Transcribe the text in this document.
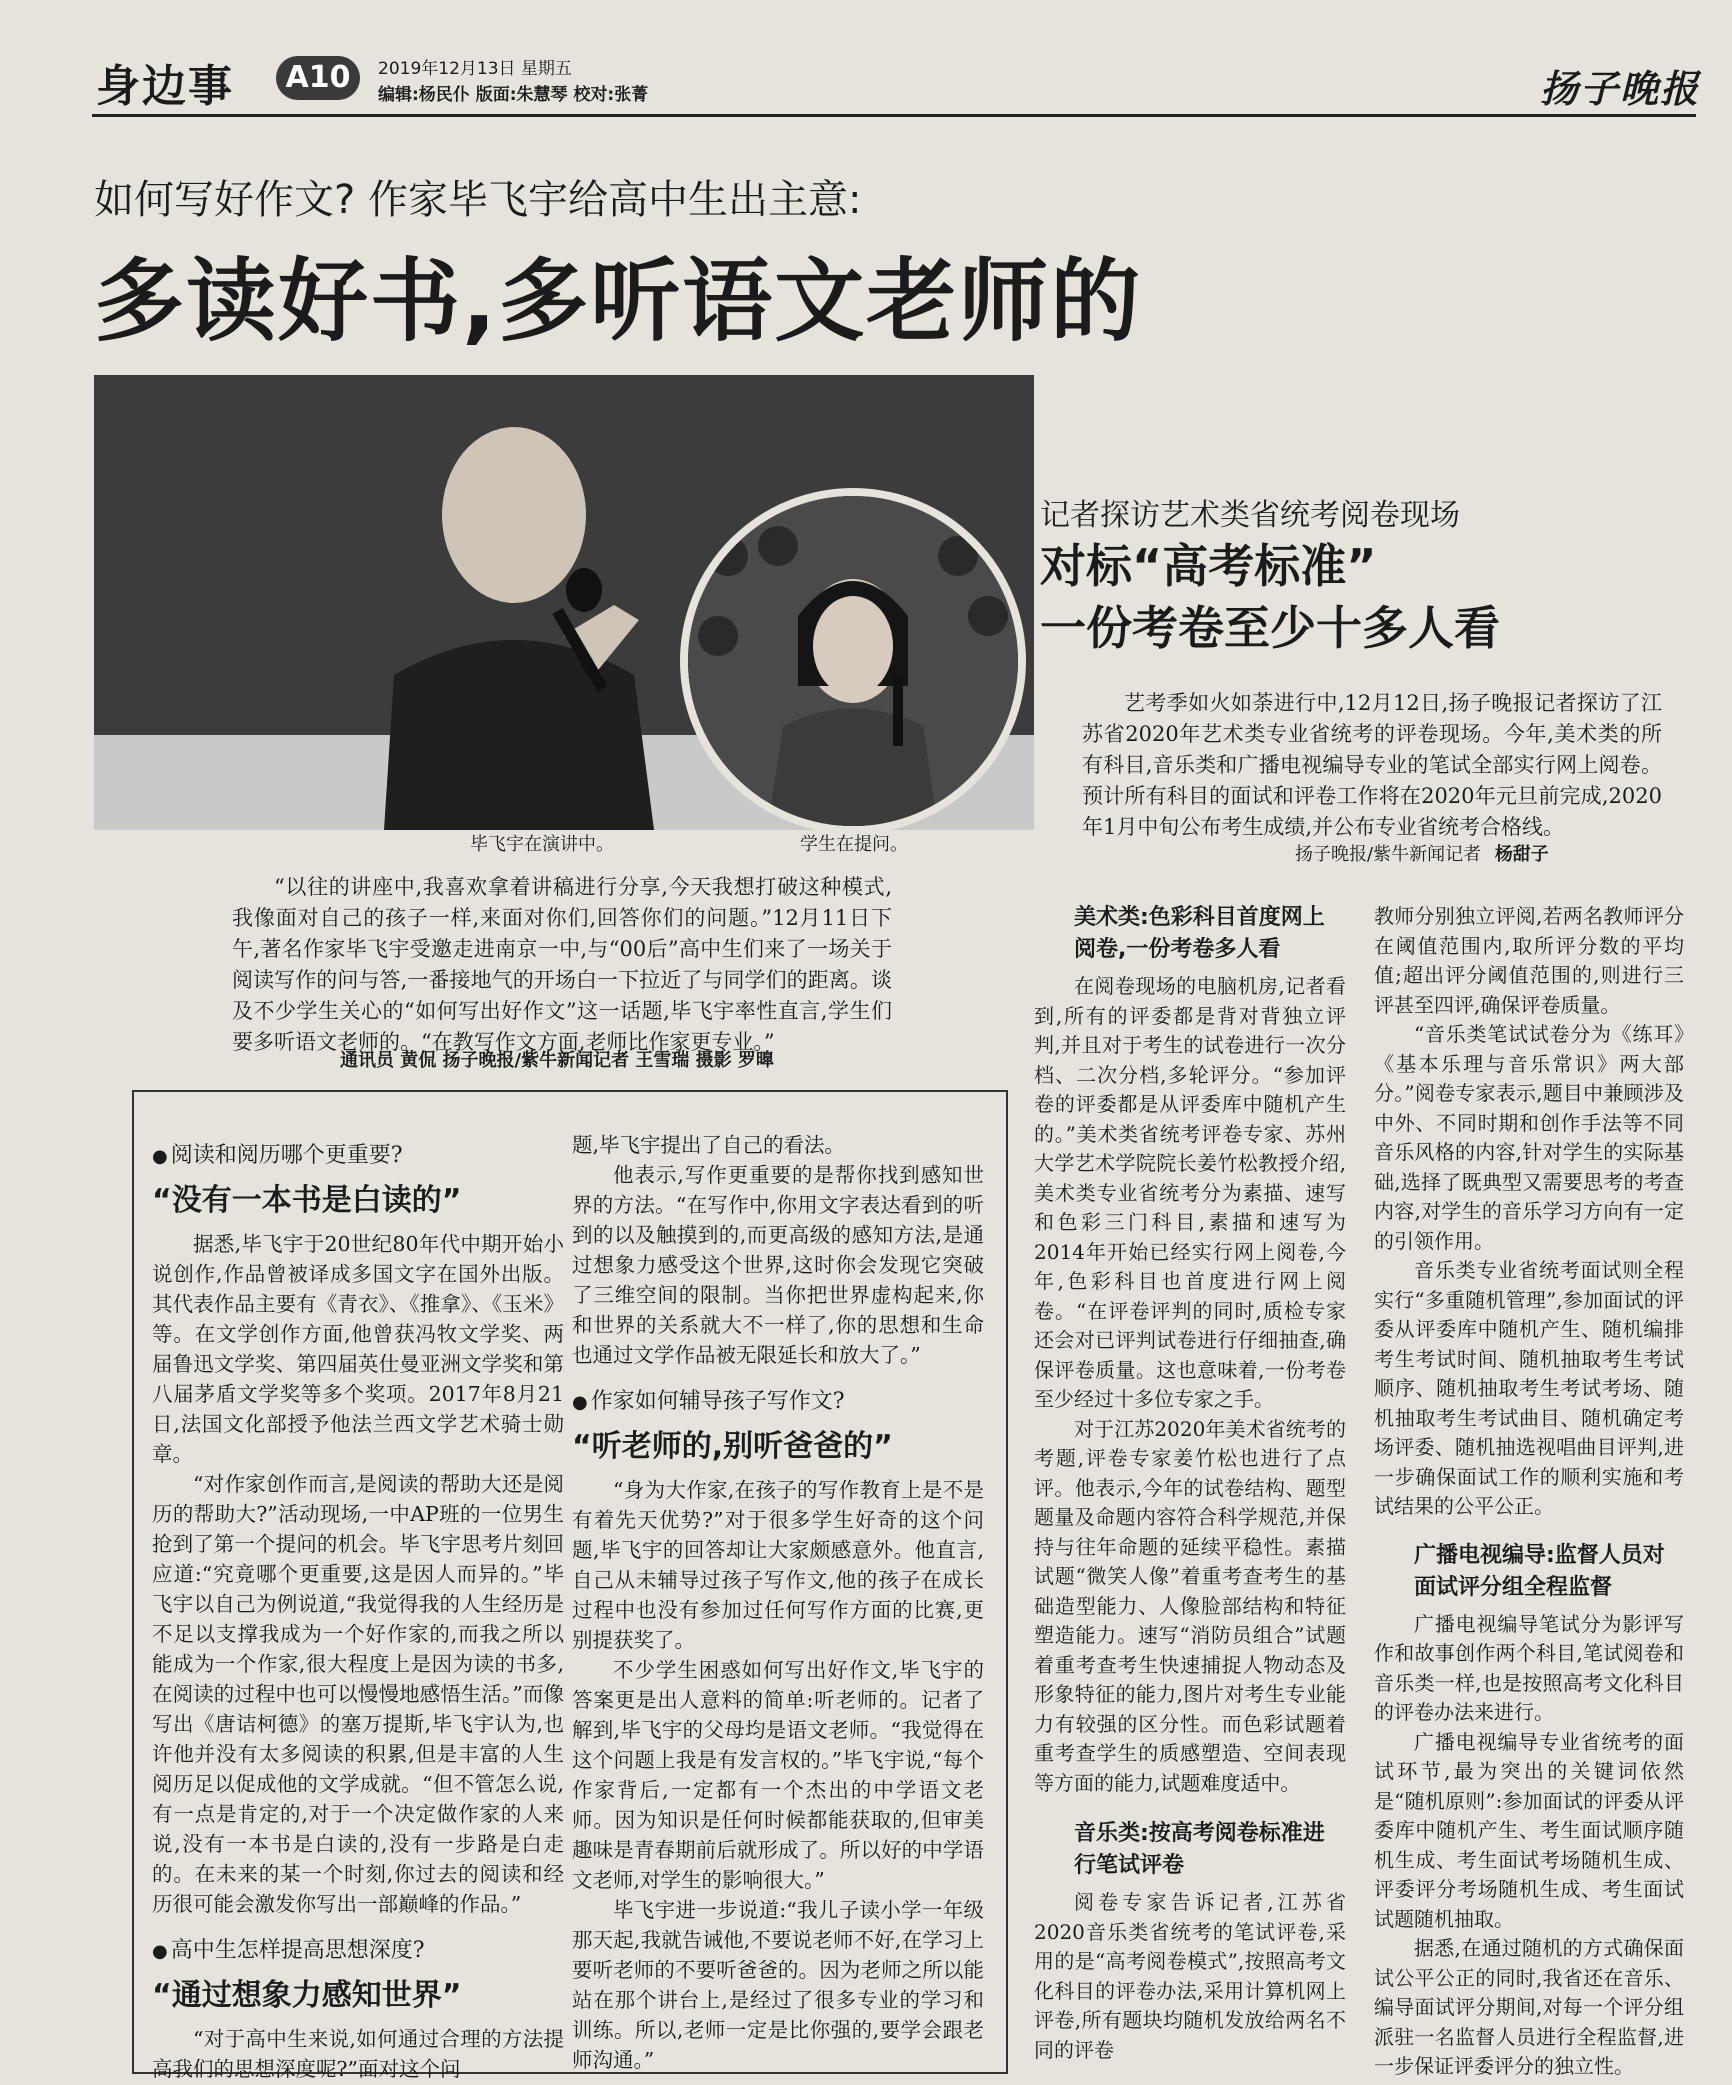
身边事	A10	2019年12月13日 星期五
编辑:杨民仆 版面:朱慧琴 校对:张菁	扬子晚报
如何写好作文? 作家毕飞宇给高中生出主意:
多读好书,多听语文老师的
毕飞宇在演讲中。	学生在提问。

“以往的讲座中,我喜欢拿着讲稿进行分享,今天我想打破这种模式,我像面对自己的孩子一样,来面对你们,回答你们的问题。”12月11日下午,著名作家毕飞宇受邀走进南京一中,与“00后”高中生们来了一场关于阅读写作的问与答,一番接地气的开场白一下拉近了与同学们的距离。谈及不少学生关心的“如何写出好作文”这一话题,毕飞宇率性直言,学生们要多听语文老师的。“在教写作文方面,老师比作家更专业。”

通讯员 黄侃 扬子晚报/紫牛新闻记者 王雪瑞 摄影 罗曍
● 阅读和阅历哪个更重要?
“没有一本书是白读的”

据悉,毕飞宇于20世纪80年代中期开始小说创作,作品曾被译成多国文字在国外出版。其代表作品主要有《青衣》、《推拿》、《玉米》等。在文学创作方面,他曾获冯牧文学奖、两届鲁迅文学奖、第四届英仕曼亚洲文学奖和第八届茅盾文学奖等多个奖项。2017年8月21日,法国文化部授予他法兰西文学艺术骑士勋章。

“对作家创作而言,是阅读的帮助大还是阅历的帮助大?”活动现场,一中AP班的一位男生抢到了第一个提问的机会。毕飞宇思考片刻回应道:“究竟哪个更重要,这是因人而异的。”毕飞宇以自己为例说道,“我觉得我的人生经历是不足以支撑我成为一个好作家的,而我之所以能成为一个作家,很大程度上是因为读的书多,在阅读的过程中也可以慢慢地感悟生活。”而像写出《唐诘柯德》的塞万提斯,毕飞宇认为,也许他并没有太多阅读的积累,但是丰富的人生阅历足以促成他的文学成就。“但不管怎么说,有一点是肯定的,对于一个决定做作家的人来说,没有一本书是白读的,没有一步路是白走的。在未来的某一个时刻,你过去的阅读和经历很可能会激发你写出一部巅峰的作品。”

● 高中生怎样提高思想深度?
“通过想象力感知世界”

“对于高中生来说,如何通过合理的方法提高我们的思想深度呢?”面对这个问

题,毕飞宇提出了自己的看法。

他表示,写作更重要的是帮你找到感知世界的方法。“在写作中,你用文字表达看到的听到的以及触摸到的,而更高级的感知方法,是通过想象力感受这个世界,这时你会发现它突破了三维空间的限制。当你把世界虚构起来,你和世界的关系就大不一样了,你的思想和生命也通过文学作品被无限延长和放大了。”

● 作家如何辅导孩子写作文?
“听老师的,别听爸爸的”

“身为大作家,在孩子的写作教育上是不是有着先天优势?”对于很多学生好奇的这个问题,毕飞宇的回答却让大家颇感意外。他直言,自己从未辅导过孩子写作文,他的孩子在成长过程中也没有参加过任何写作方面的比赛,更别提获奖了。

不少学生困惑如何写出好作文,毕飞宇的答案更是出人意料的简单:听老师的。记者了解到,毕飞宇的父母均是语文老师。“我觉得在这个问题上我是有发言权的。”毕飞宇说,“每个作家背后,一定都有一个杰出的中学语文老师。因为知识是任何时候都能获取的,但审美趣味是青春期前后就形成了。所以好的中学语文老师,对学生的影响很大。”

毕飞宇进一步说道:“我儿子读小学一年级那天起,我就告诫他,不要说老师不好,在学习上要听老师的不要听爸爸的。因为老师之所以能站在那个讲台上,是经过了很多专业的学习和训练。所以,老师一定是比你强的,要学会跟老师沟通。”

记者探访艺术类省统考阅卷现场
对标“高考标准”
一份考卷至少十多人看

艺考季如火如荼进行中,12月12日,扬子晚报记者探访了江苏省2020年艺术类专业省统考的评卷现场。今年,美术类的所有科目,音乐类和广播电视编导专业的笔试全部实行网上阅卷。预计所有科目的面试和评卷工作将在2020年元旦前完成,2020年1月中旬公布考生成绩,并公布专业省统考合格线。

扬子晚报/紫牛新闻记者 杨甜子
美术类:色彩科目首度网上阅卷,一份考卷多人看

在阅卷现场的电脑机房,记者看到,所有的评委都是背对背独立评判,并且对于考生的试卷进行一次分档、二次分档,多轮评分。“参加评卷的评委都是从评委库中随机产生的。”美术类省统考评卷专家、苏州大学艺术学院院长姜竹松教授介绍,美术类专业省统考分为素描、速写和色彩三门科目,素描和速写为2014年开始已经实行网上阅卷,今年,色彩科目也首度进行网上阅卷。“在评卷评判的同时,质检专家还会对已评判试卷进行仔细抽查,确保评卷质量。这也意味着,一份考卷至少经过十多位专家之手。

对于江苏2020年美术省统考的考题,评卷专家姜竹松也进行了点评。他表示,今年的试卷结构、题型题量及命题内容符合科学规范,并保持与往年命题的延续平稳性。素描试题“微笑人像”着重考查考生的基础造型能力、人像脸部结构和特征塑造能力。速写“消防员组合”试题着重考查考生快速捕捉人物动态及形象特征的能力,图片对考生专业能力有较强的区分性。而色彩试题着重考查学生的质感塑造、空间表现等方面的能力,试题难度适中。

音乐类:按高考阅卷标准进行笔试评卷

阅卷专家告诉记者,江苏省2020音乐类省统考的笔试评卷,采用的是“高考阅卷模式”,按照高考文化科目的评卷办法,采用计算机网上评卷,所有题块均随机发放给两名不同的评卷

教师分别独立评阅,若两名教师评分在阈值范围内,取所评分数的平均值;超出评分阈值范围的,则进行三评甚至四评,确保评卷质量。

“音乐类笔试试卷分为《练耳》《基本乐理与音乐常识》两大部分。”阅卷专家表示,题目中兼顾涉及中外、不同时期和创作手法等不同音乐风格的内容,针对学生的实际基础,选择了既典型又需要思考的考查内容,对学生的音乐学习方向有一定的引领作用。

音乐类专业省统考面试则全程实行“多重随机管理”,参加面试的评委从评委库中随机产生、随机编排考生考试时间、随机抽取考生考试顺序、随机抽取考生考试考场、随机抽取考生考试曲目、随机确定考场评委、随机抽选视唱曲目评判,进一步确保面试工作的顺利实施和考试结果的公平公正。

广播电视编导:监督人员对面试评分组全程监督

广播电视编导笔试分为影评写作和故事创作两个科目,笔试阅卷和音乐类一样,也是按照高考文化科目的评卷办法来进行。

广播电视编导专业省统考的面试环节,最为突出的关键词依然是“随机原则”:参加面试的评委从评委库中随机产生、考生面试顺序随机生成、考生面试考场随机生成、评委评分考场随机生成、考生面试试题随机抽取。

据悉,在通过随机的方式确保面试公平公正的同时,我省还在音乐、编导面试评分期间,对每一个评分组派驻一名监督人员进行全程监督,进一步保证评委评分的独立性。
